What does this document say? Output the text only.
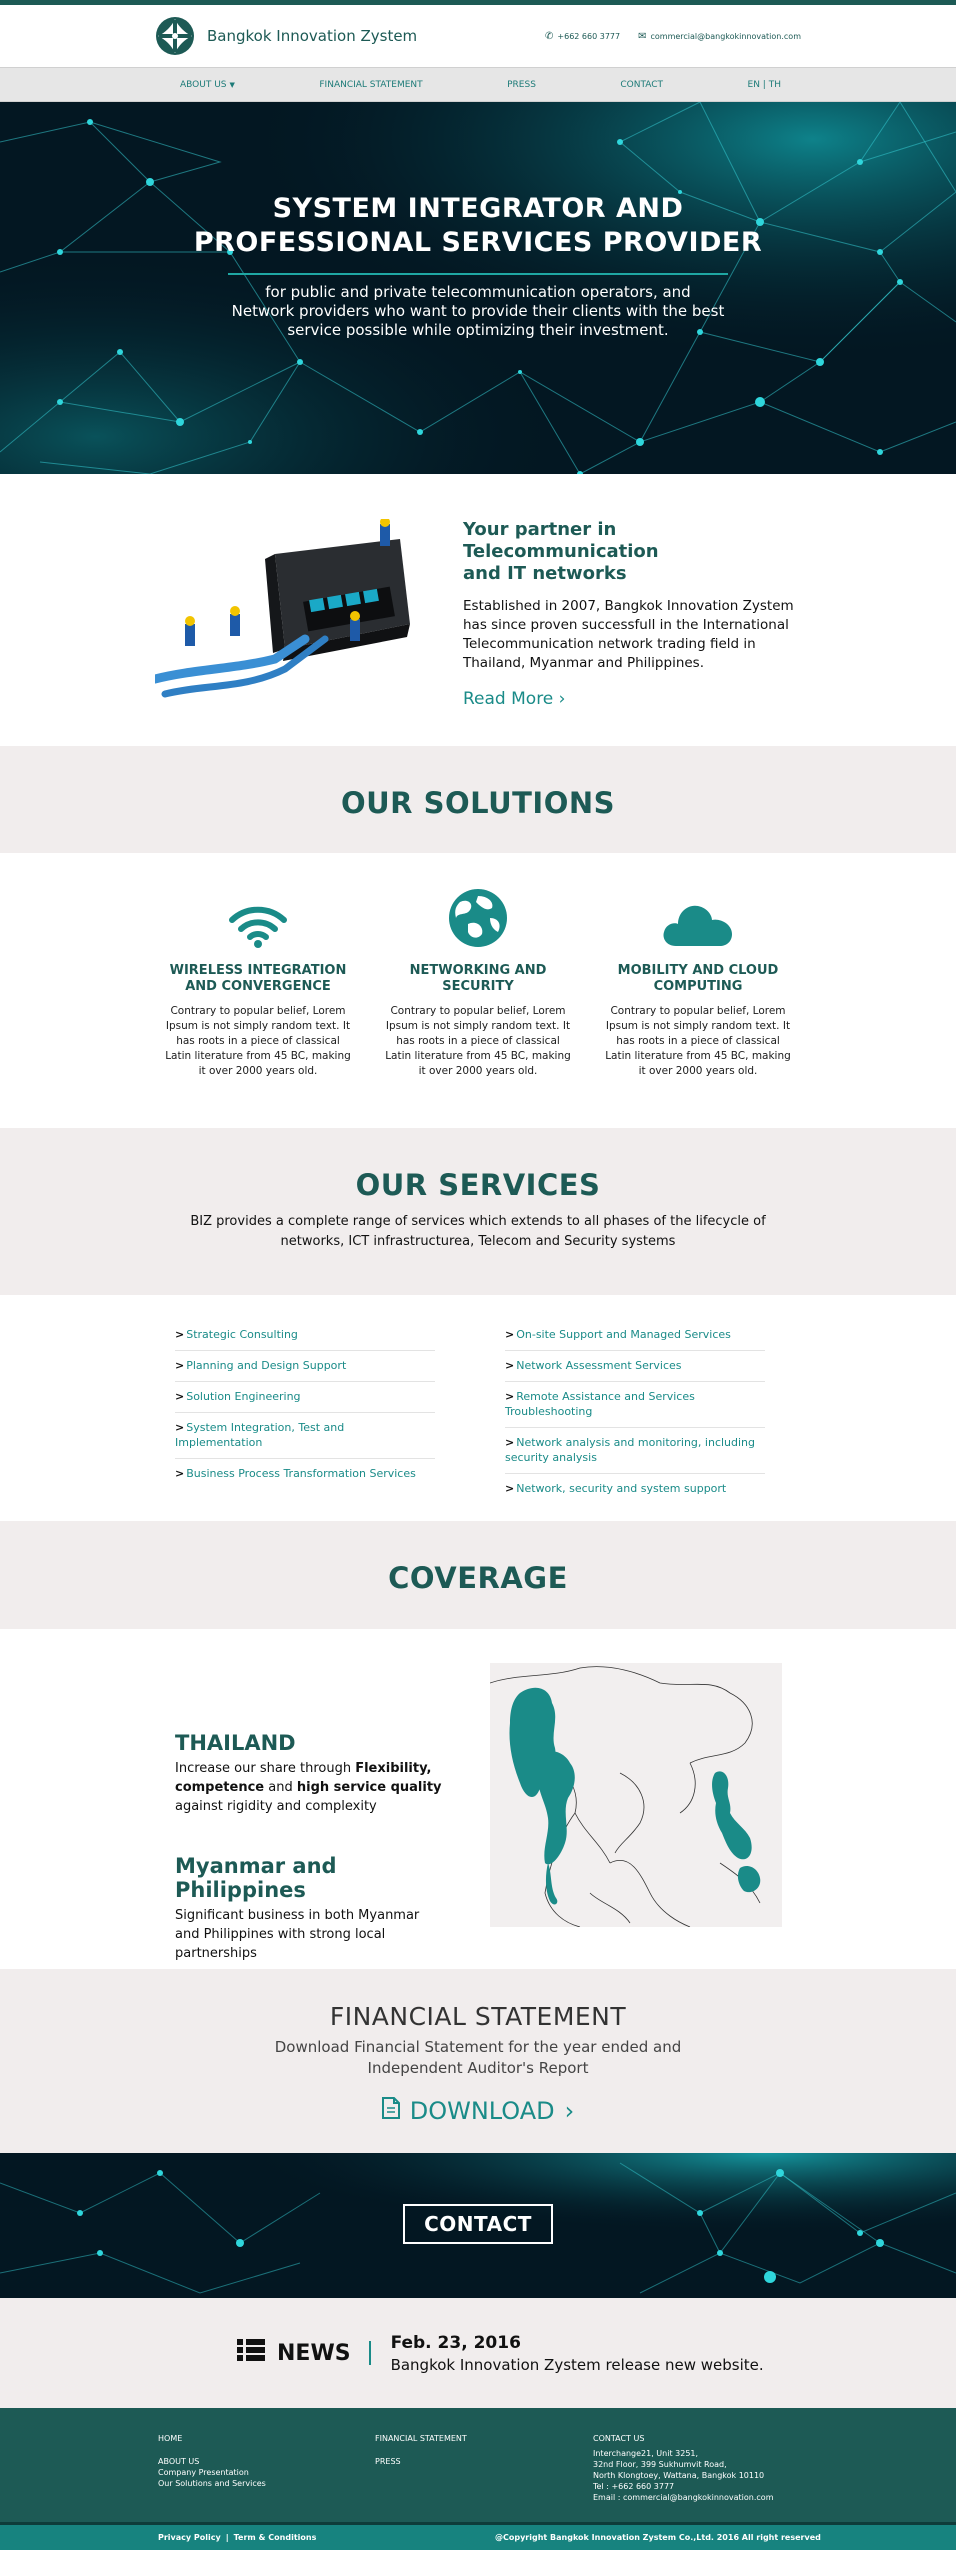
Bangkok Innovation Zystem	✆ +662 660 3777 ✉ commercial@bangkokinnovation.com
ABOUT US ▼	FINANCIAL STATEMENT	PRESS	CONTACT	EN | TH
SYSTEM INTEGRATOR AND
PROFESSIONAL SERVICES PROVIDER

for public and private telecommunication operators, and
Network providers who want to provide their clients with the best
service possible while optimizing their investment.

Your partner in Telecommunication
and IT networks

Established in 2007, Bangkok Innovation Zystem has since proven successfull in the International Telecommunication network trading field in Thailand, Myanmar and Philippines.

Read More ›
OUR SOLUTIONS
WIRELESS INTEGRATION
AND CONVERGENCE

Contrary to popular belief, Lorem Ipsum is not simply random text. It has roots in a piece of classical Latin literature from 45 BC, making it over 2000 years old.

NETWORKING AND
SECURITY

Contrary to popular belief, Lorem Ipsum is not simply random text. It has roots in a piece of classical Latin literature from 45 BC, making it over 2000 years old.

MOBILITY AND CLOUD
COMPUTING

Contrary to popular belief, Lorem Ipsum is not simply random text. It has roots in a piece of classical Latin literature from 45 BC, making it over 2000 years old.

OUR SERVICES

BIZ provides a complete range of services which extends to all phases of the lifecycle of
networks, ICT infrastructurea, Telecom and Security systems

> Strategic Consulting
> Planning and Design Support
> Solution Engineering
> System Integration, Test and Implementation
> Business Process Transformation Services
> On-site Support and Managed Services
> Network Assessment Services
> Remote Assistance and Services Troubleshooting
> Network analysis and monitoring, including security analysis
> Network, security and system support
COVERAGE
THAILAND

Increase our share through Flexibility, competence and high service quality against rigidity and complexity

Myanmar and Philippines

Significant business in both Myanmar and Philippines with strong local partnerships

FINANCIAL STATEMENT

Download Financial Statement for the year ended and
Independent Auditor's Report

DOWNLOAD ›
CONTACT
NEWS Feb. 23, 2016
Bangkok Innovation Zystem release new website.
HOME
ABOUT US
Company Presentation
Our Solutions and Services
FINANCIAL STATEMENT
PRESS
CONTACT US
Interchange21, Unit 3251,
32nd Floor, 399 Sukhumvit Road,
North Klongtoey, Wattana, Bangkok 10110
Tel : +662 660 3777
Email : commercial@bangkokinnovation.com
Privacy Policy | Term & Conditions	@Copyright Bangkok Innovation Zystem Co.,Ltd. 2016 All right reserved
